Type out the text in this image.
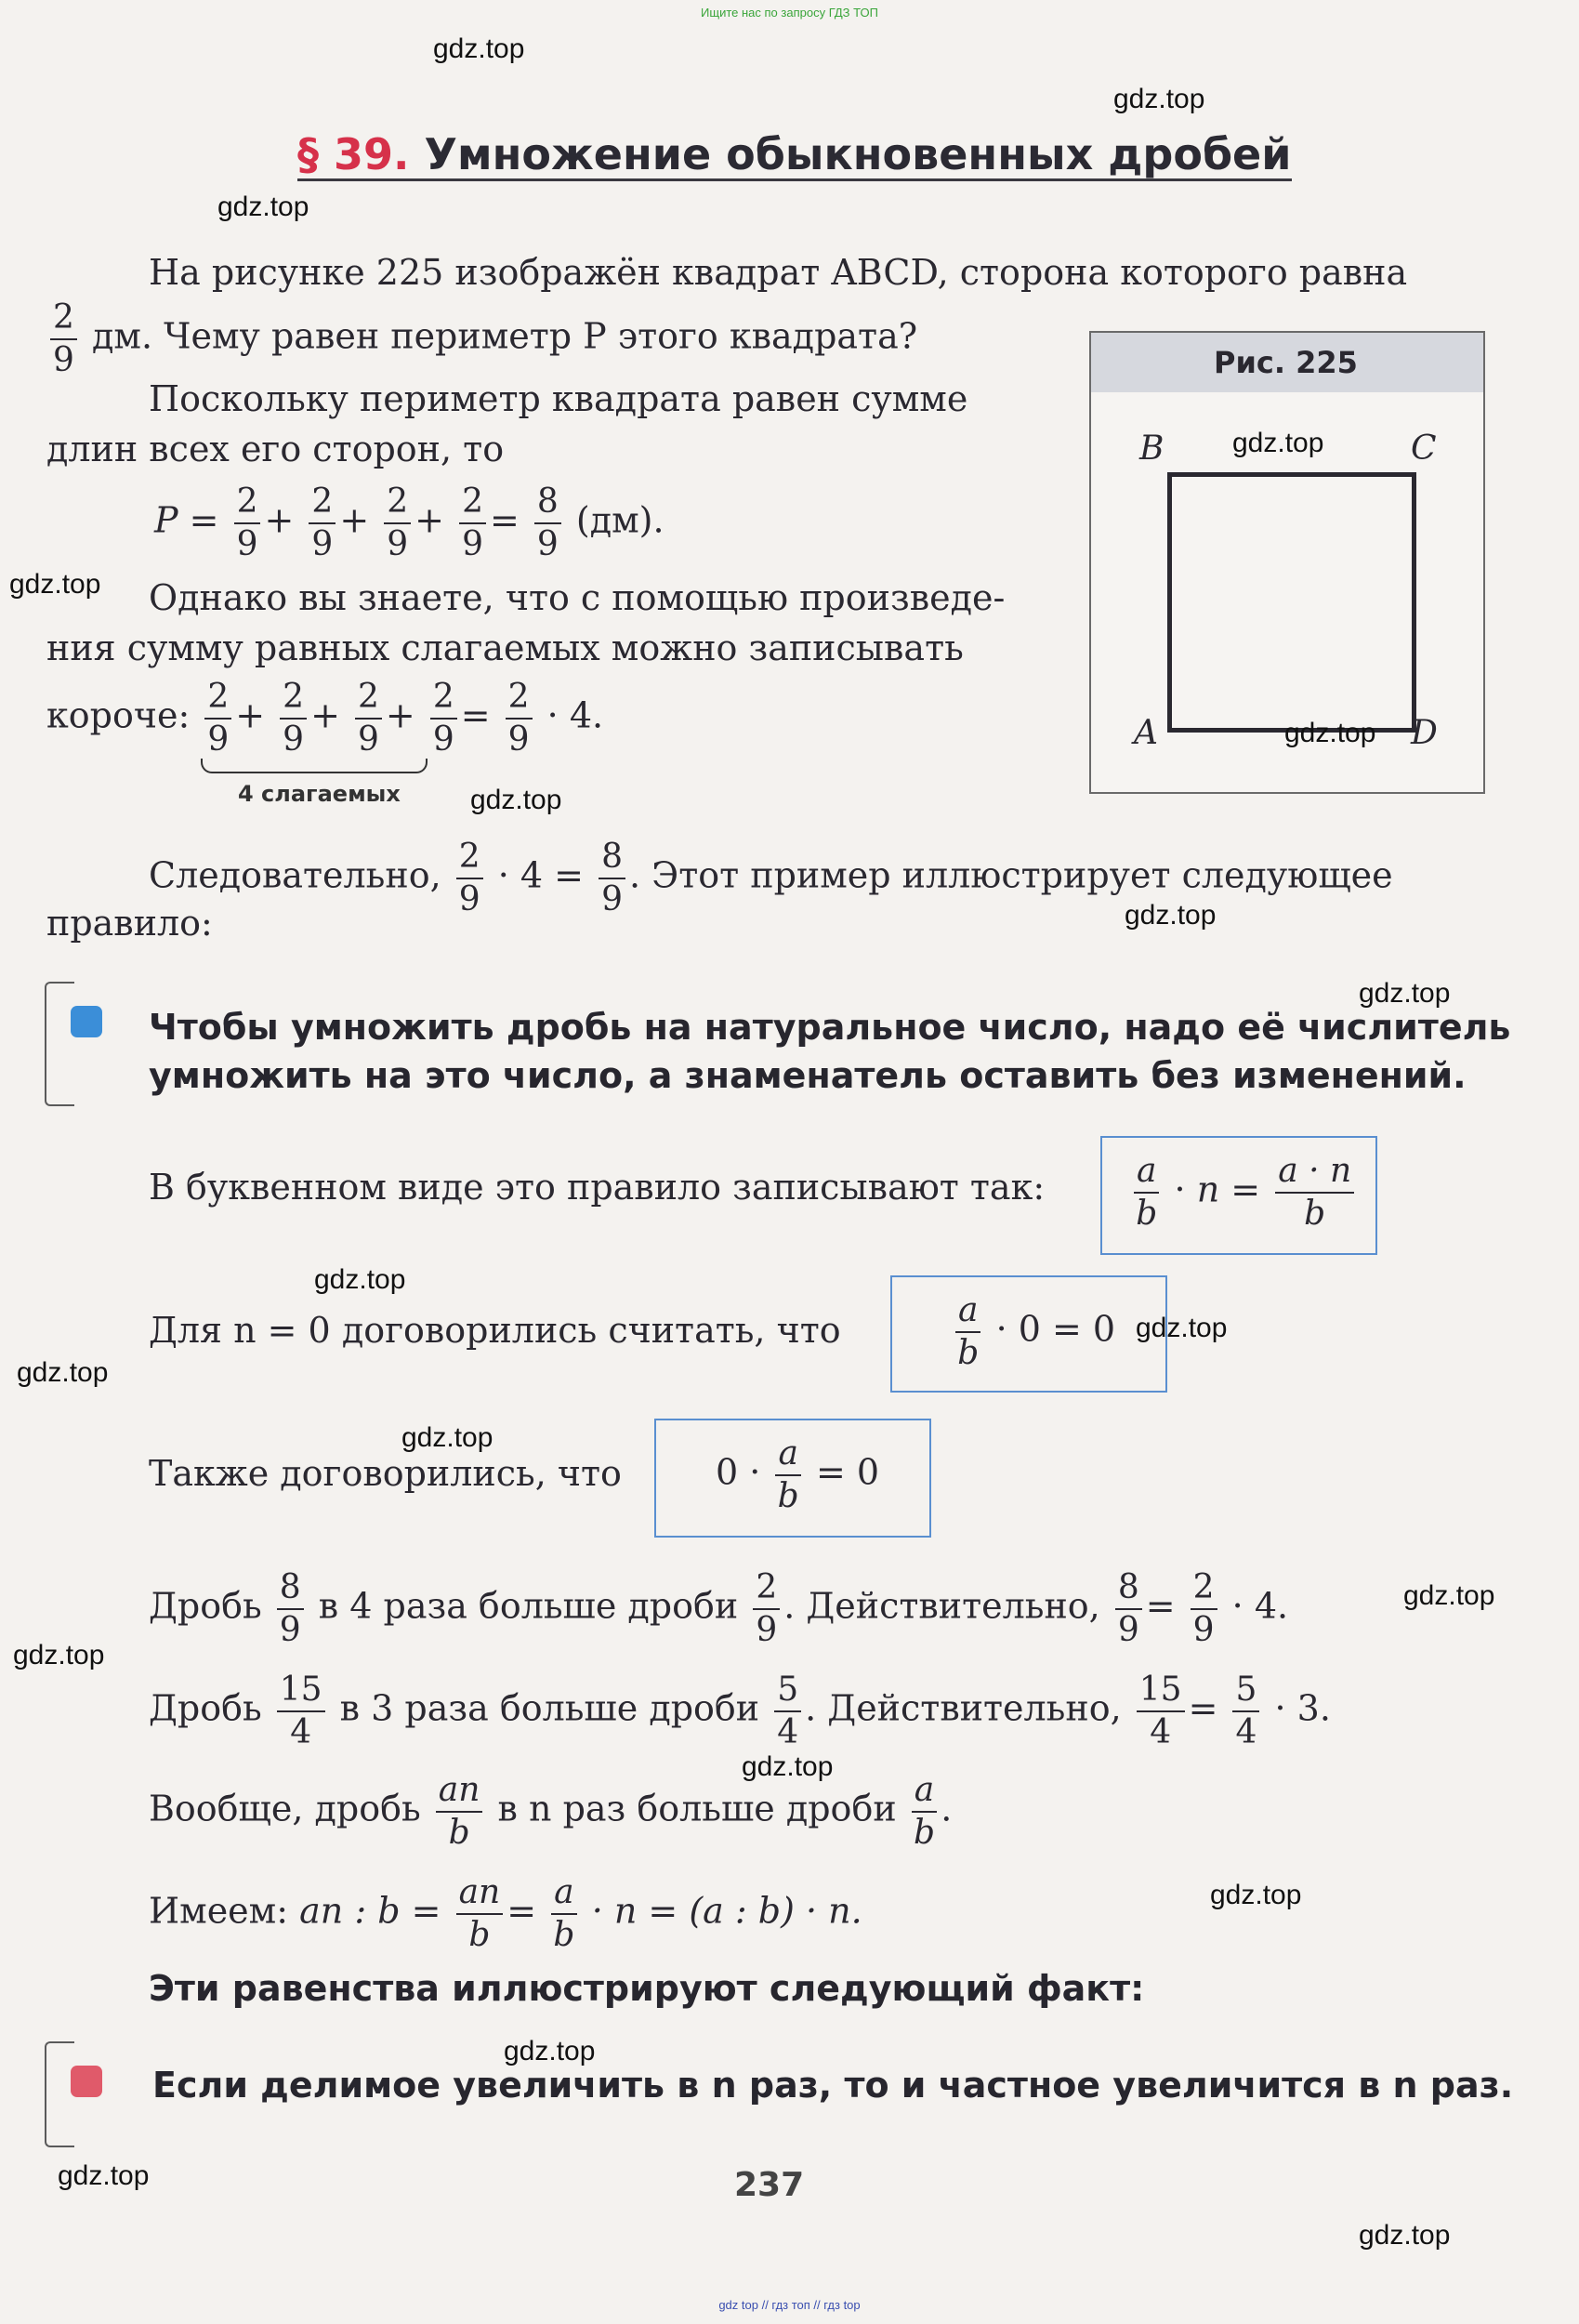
Ищите нас по запросу ГДЗ ТОП
§ 39. Умножение обыкновенных дробей
Рис. 225
B	C
A	D
На рисунке 225 изображён квадрат ABCD, сторона которого равна
$\frac{2}{9}$ дм. Чему равен периметр P этого квадрата?
Поскольку периметр квадрата равен сумме
длин всех его сторон, то
$P = \frac{2}{9} + \frac{2}{9} + \frac{2}{9} + \frac{2}{9} = \frac{8}{9} (дм)$.
Однако вы знаете, что с помощью произведе-
ния сумму равных слагаемых можно записывать
короче: $\frac{2}{9} + \frac{2}{9} + \frac{2}{9} + \frac{2}{9} = \frac{2}{9} \cdot 4$.
4 слагаемых
Следовательно, $\frac{2}{9} \cdot 4 = \frac{8}{9}$ . Этот пример иллюстрирует следующее
правило:
Чтобы умножить дробь на натуральное число, надо её числитель
умножить на это число, а знаменатель оставить без изменений.
В буквенном виде это правило записывают так:	$\frac{a}{b} \cdot n = \frac{a \cdot n}{b}$
Для n = 0 договорились считать, что	$\frac{a}{b} \cdot 0 = 0$
Также договорились, что	$0 \cdot \frac{a}{b} = 0$
Дробь $\frac{8}{9}$ в 4 раза больше дроби $\frac{2}{9}$ . Действительно, $\frac{8}{9} = \frac{2}{9} \cdot 4$.
Дробь $\frac{15}{4}$ в 3 раза больше дроби $\frac{5}{4}$ . Действительно, $\frac{15}{4} = \frac{5}{4} \cdot 3$.
Вообще, дробь $\frac{an}{b}$ в n раз больше дроби $\frac{a}{b}$ .
Имеем: an : $b = \frac{an}{b} = \frac{a}{b} \cdot n = (a$ : b) · n.
Эти равенства иллюстрируют следующий факт:
Если делимое увеличить в n раз, то и частное увеличится в n раз.
237
gdz.top
gdz.top
gdz.top
gdz.top
gdz.top
gdz.top
gdz.top
gdz.top
gdz.top
gdz.top
gdz.top
gdz.top
gdz.top
gdz.top
gdz.top
gdz.top
gdz.top
gdz.top
gdz.top
gdz.top
gdz top // гдз топ // гдз top
